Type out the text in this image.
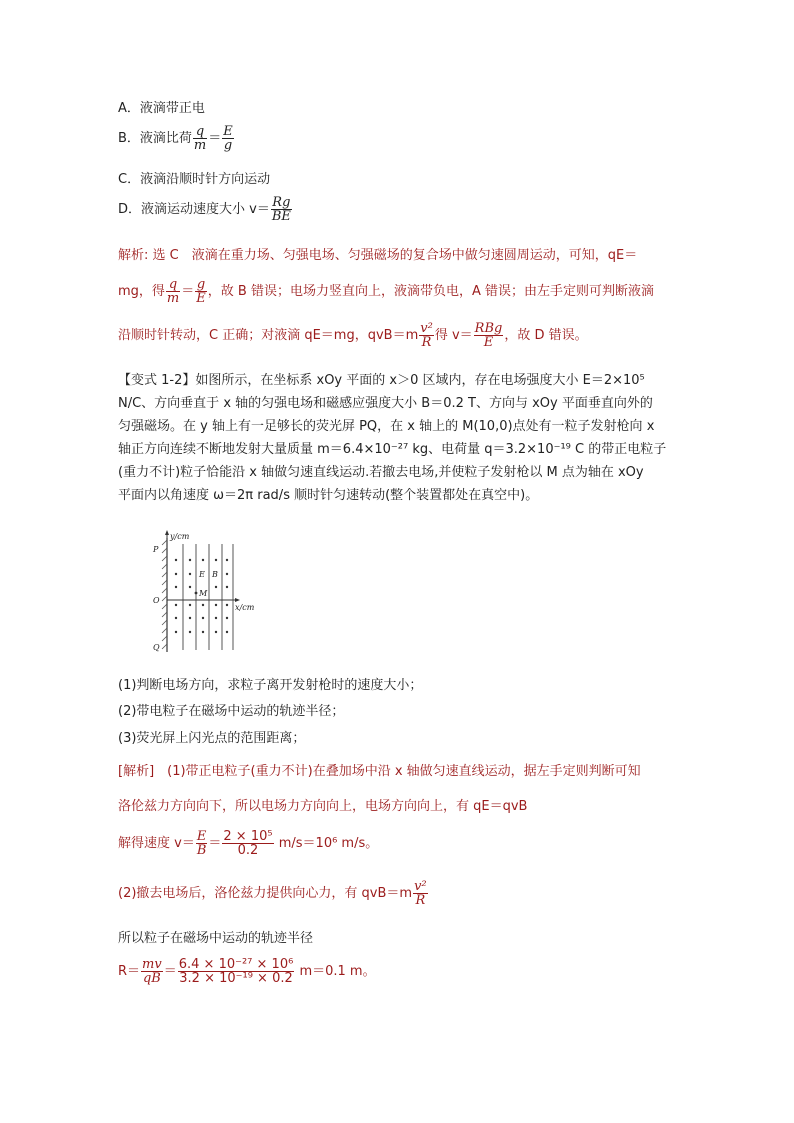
A．液滴带正电
B．液滴比荷 $\frac{q}{m} = \frac{E}{g}$
C．液滴沿顺时针方向运动
D．液滴运动速度大小 $v= \frac{Rg}{BE}$
解析: 选 C　液滴在重力场、匀强电场、匀强磁场的复合场中做匀速圆周运动，可知，qE＝
mg，得 $\frac{q}{m} = \frac{g}{E}$ ，故 B 错误；电场力竖直向上，液滴带负电，A 错误；由左手定则可判断液滴
沿顺时针转动，C 正确；对液滴 qE＝mg，$qvB=m \frac{\text{v²}}{R}$ 得 $v= \frac{\text{RBg}}{E}$ ，故 D 错误。
【变式 1-2】如图所示，在坐标系 xOy 平面的 x＞0 区域内，存在电场强度大小 E＝2×10⁵
N/C、方向垂直于 x 轴的匀强电场和磁感应强度大小 B＝0.2 T、方向与 xOy 平面垂直向外的
匀强磁场。在 y 轴上有一足够长的荧光屏 PQ，在 x 轴上的 M(10,0)点处有一粒子发射枪向 x
轴正方向连续不断地发射大量质量 m＝6.4×10⁻²⁷ kg、电荷量 q＝3.2×10⁻¹⁹ C 的带正电粒子
(重力不计)粒子恰能沿 x 轴做匀速直线运动.若撤去电场,并使粒子发射枪以 M 点为轴在 xOy
平面内以角速度 ω＝2π rad/s 顺时针匀速转动(整个装置都处在真空中)。
y/cm
x/cm
P
O
Q
E B
M
(1)判断电场方向，求粒子离开发射枪时的速度大小；
(2)带电粒子在磁场中运动的轨迹半径；
(3)荧光屏上闪光点的范围距离；
[解析]　(1)带正电粒子(重力不计)在叠加场中沿 x 轴做匀速直线运动，据左手定则判断可知
洛伦兹力方向向下，所以电场力方向向上，电场方向向上，有 qE＝qvB
解得速度 $v= \frac{E}{B} = \frac{\text{2 × 10⁵}}{0.2} m/s=10^6$ m/s。
(2)撤去电场后，洛伦兹力提供向心力，有 $qvB=m \frac{\text{v²}}{R}$
所以粒子在磁场中运动的轨迹半径
$R= \frac{mv}{qB} = \frac{\text{6.4 × 10⁻²⁷ × 10⁶}}{\text{3.2 × 10⁻¹⁹ × 0.2}} m=0.1$ m。
